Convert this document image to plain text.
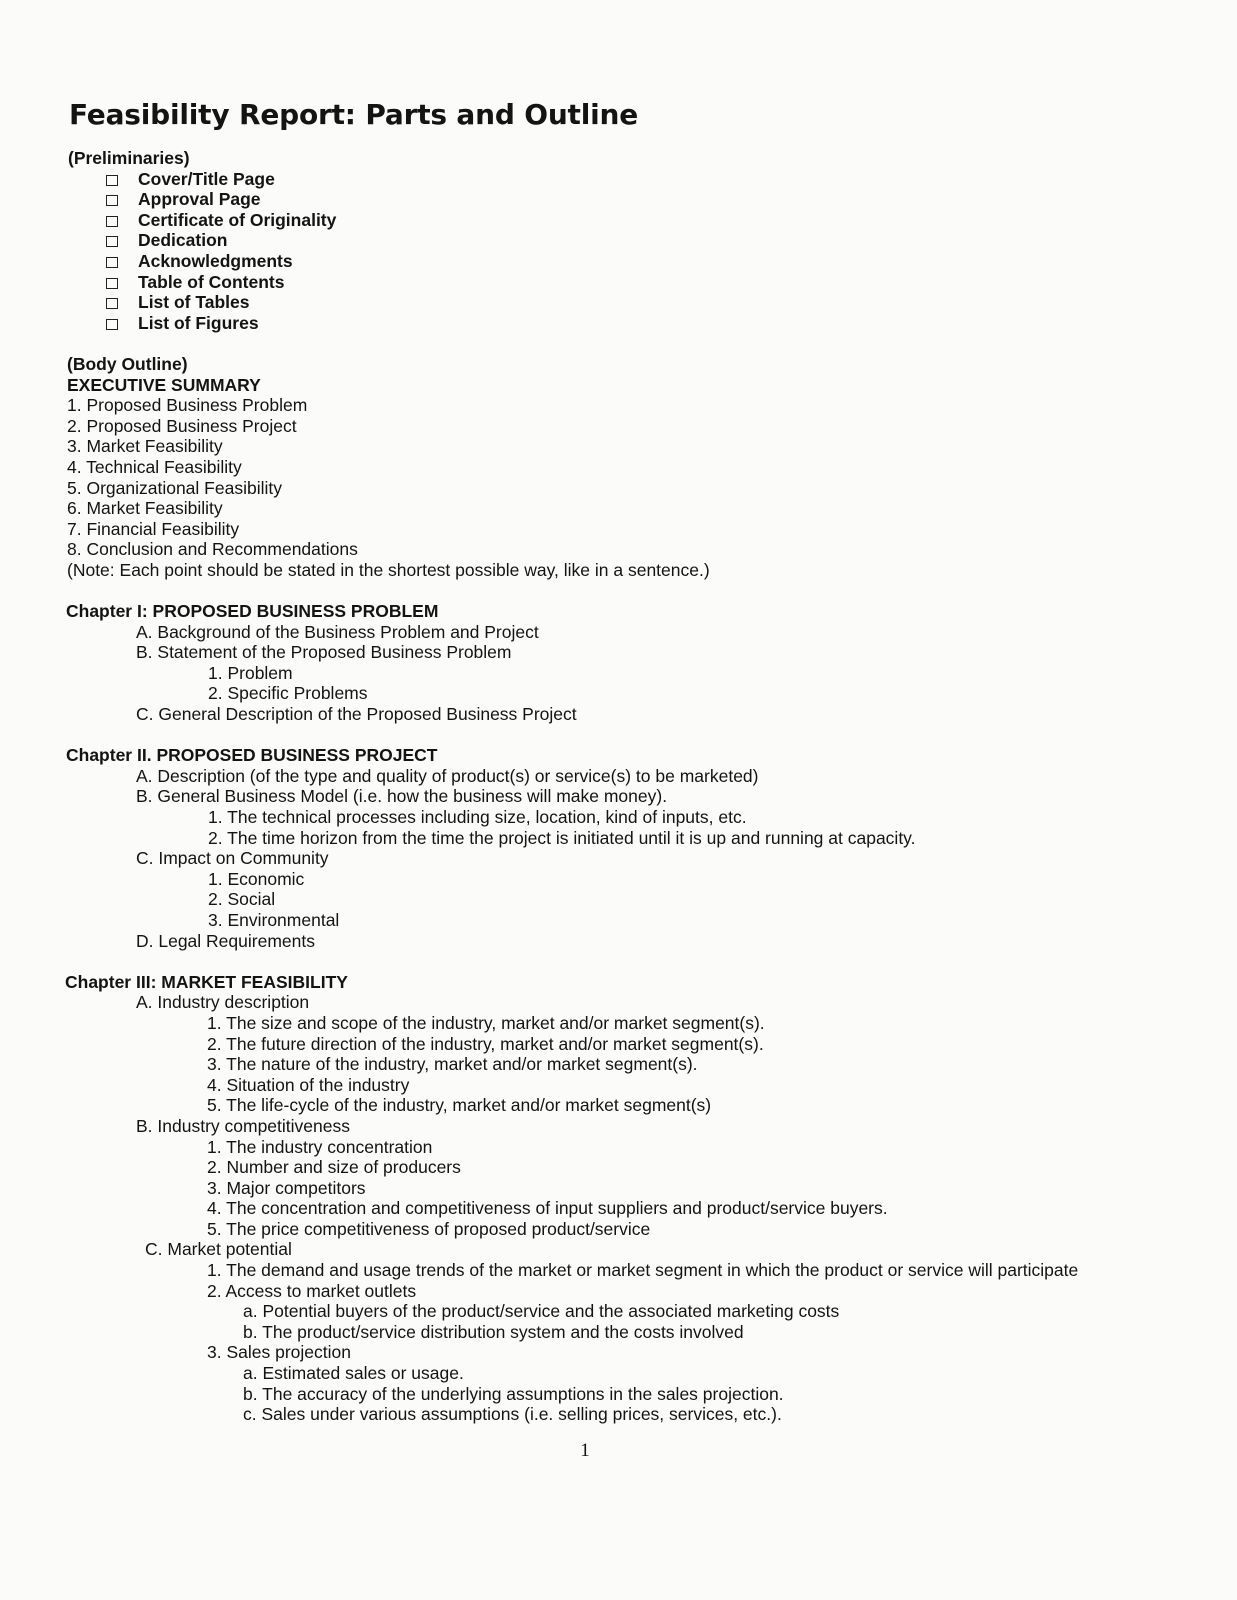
Feasibility Report: Parts and Outline
(Preliminaries)
Cover/Title Page
Approval Page
Certificate of Originality
Dedication
Acknowledgments
Table of Contents
List of Tables
List of Figures
(Body Outline)
EXECUTIVE SUMMARY
1. Proposed Business Problem
2. Proposed Business Project
3. Market Feasibility
4. Technical Feasibility
5. Organizational Feasibility
6. Market Feasibility
7. Financial Feasibility
8. Conclusion and Recommendations
(Note: Each point should be stated in the shortest possible way, like in a sentence.)
Chapter I: PROPOSED BUSINESS PROBLEM
A. Background of the Business Problem and Project
B. Statement of the Proposed Business Problem
1. Problem
2. Specific Problems
C. General Description of the Proposed Business Project
Chapter II. PROPOSED BUSINESS PROJECT
A. Description (of the type and quality of product(s) or service(s) to be marketed)
B. General Business Model (i.e. how the business will make money).
1. The technical processes including size, location, kind of inputs, etc.
2. The time horizon from the time the project is initiated until it is up and running at capacity.
C. Impact on Community
1. Economic
2. Social
3. Environmental
D. Legal Requirements
Chapter III: MARKET FEASIBILITY
A. Industry description
1. The size and scope of the industry, market and/or market segment(s).
2. The future direction of the industry, market and/or market segment(s).
3. The nature of the industry, market and/or market segment(s).
4. Situation of the industry
5. The life-cycle of the industry, market and/or market segment(s)
B. Industry competitiveness
1. The industry concentration
2. Number and size of producers
3. Major competitors
4. The concentration and competitiveness of input suppliers and product/service buyers.
5. The price competitiveness of proposed product/service
C. Market potential
1. The demand and usage trends of the market or market segment in which the product or service will participate
2. Access to market outlets
a. Potential buyers of the product/service and the associated marketing costs
b. The product/service distribution system and the costs involved
3. Sales projection
a. Estimated sales or usage.
b. The accuracy of the underlying assumptions in the sales projection.
c. Sales under various assumptions (i.e. selling prices, services, etc.).
1
